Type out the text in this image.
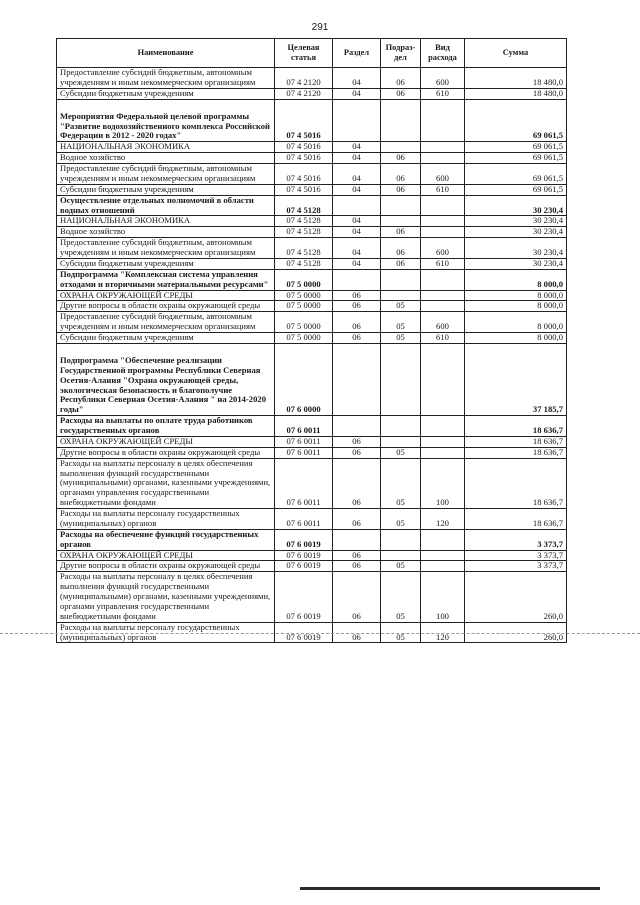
291
Наименование	Целевая статья	Раздел	Подраз-дел	Вид расхода	Сумма
Предоставление субсидий бюджетным, автономным учреждениям и иным некоммерческим организациям	07 4 2120	04	06	600	18 480,0
Субсидии бюджетным учреждениям	07 4 2120	04	06	610	18 480,0
Мероприятия Федеральной целевой программы "Развитие водохозяйственного комплекса Российской Федерации в 2012 - 2020 годах"	07 4 5016				69 061,5
НАЦИОНАЛЬНАЯ ЭКОНОМИКА	07 4 5016	04			69 061,5
Водное хозяйство	07 4 5016	04	06		69 061,5
Предоставление субсидий бюджетным, автономным учреждениям и иным некоммерческим организациям	07 4 5016	04	06	600	69 061,5
Субсидии бюджетным учреждениям	07 4 5016	04	06	610	69 061,5
Осуществление отдельных полномочий в области водных отношений	07 4 5128				30 230,4
НАЦИОНАЛЬНАЯ ЭКОНОМИКА	07 4 5128	04			30 230,4
Водное хозяйство	07 4 5128	04	06		30 230,4
Предоставление субсидий бюджетным, автономным учреждениям и иным некоммерческим организациям	07 4 5128	04	06	600	30 230,4
Субсидии бюджетным учреждениям	07 4 5128	04	06	610	30 230,4
Подпрограмма "Комплексная система управления отходами и вторичными материальными ресурсами"	07 5 0000				8 000,0
ОХРАНА ОКРУЖАЮЩЕЙ СРЕДЫ	07 5 0000	06			8 000,0
Другие вопросы в области охраны окружающей среды	07 5 0000	06	05		8 000,0
Предоставление субсидий бюджетным, автономным учреждениям и иным некоммерческим организациям	07 5 0000	06	05	600	8 000,0
Субсидии бюджетным учреждениям	07 5 0000	06	05	610	8 000,0
Подпрограмма "Обеспечение реализации Государственной программы Республики Северная Осетия-Алания "Охрана окружающей среды, экологическая безопасность и благополучие Республики Северная Осетия-Алания " на 2014-2020 годы"	07 6 0000				37 185,7
Расходы на выплаты по оплате труда работников государственных органов	07 6 0011				18 636,7
ОХРАНА ОКРУЖАЮЩЕЙ СРЕДЫ	07 6 0011	06			18 636,7
Другие вопросы в области охраны окружающей среды	07 6 0011	06	05		18 636,7
Расходы на выплаты персоналу в целях обеспечения выполнения функций государственными (муниципальными) органами, казенными учреждениями, органами управления государственными внебюджетными фондами	07 6 0011	06	05	100	18 636,7
Расходы на выплаты персоналу государственных (муниципальных) органов	07 6 0011	06	05	120	18 636,7
Расходы на обеспечение функций государственных органов	07 6 0019				3 373,7
ОХРАНА ОКРУЖАЮЩЕЙ СРЕДЫ	07 6 0019	06			3 373,7
Другие вопросы в области охраны окружающей среды	07 6 0019	06	05		3 373,7
Расходы на выплаты персоналу в целях обеспечения выполнения функций государственными (муниципальными) органами, казенными учреждениями, органами управления государственными внебюджетными фондами	07 6 0019	06	05	100	260,0
Расходы на выплаты персоналу государственных (муниципальных) органов	07 6 0019	06	05	120	260,0
